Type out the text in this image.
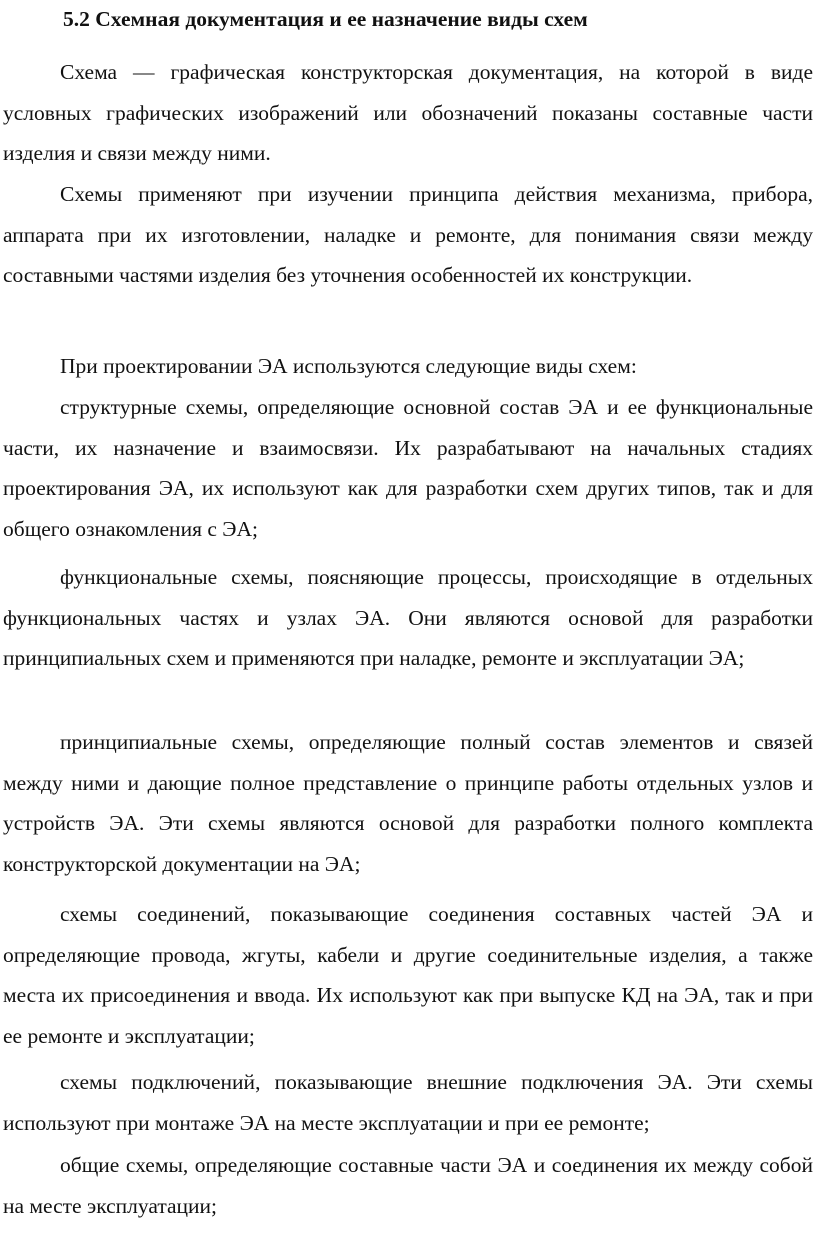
5.2 Схемная документация и ее назначение виды схем

Схема — графическая конструкторская документация, на которой в виде условных графических изображений или обозначений показаны составные части изделия и связи между ними.

Схемы применяют при изучении принципа действия механизма, прибора, аппарата при их изготовлении, наладке и ремонте, для понимания связи между составными частями изделия без уточнения особенностей их конструкции.

При проектировании ЭА используются следующие виды схем:

структурные схемы, определяющие основной состав ЭА и ее функциональные части, их назначение и взаимосвязи. Их разрабатывают на начальных стадиях проектирования ЭА, их используют как для разработки схем других типов, так и для общего ознакомления с ЭА;

функциональные схемы, поясняющие процессы, происходящие в отдельных функциональных частях и узлах ЭА. Они являются основой для разработки принципиальных схем и применяются при наладке, ремонте и эксплуатации ЭА;

принципиальные схемы, определяющие полный состав элементов и связей между ними и дающие полное представление о принципе работы отдельных узлов и устройств ЭА. Эти схемы являются основой для разработки полного комплекта конструкторской документации на ЭА;

схемы соединений, показывающие соединения составных частей ЭА и определяющие провода, жгуты, кабели и другие соединительные изделия, а также места их присоединения и ввода. Их используют как при выпуске КД на ЭА, так и при ее ремонте и эксплуатации;

схемы подключений, показывающие внешние подключения ЭА. Эти схемы используют при монтаже ЭА на месте эксплуатации и при ее ремонте;

общие схемы, определяющие составные части ЭА и соединения их между собой на месте эксплуатации;
